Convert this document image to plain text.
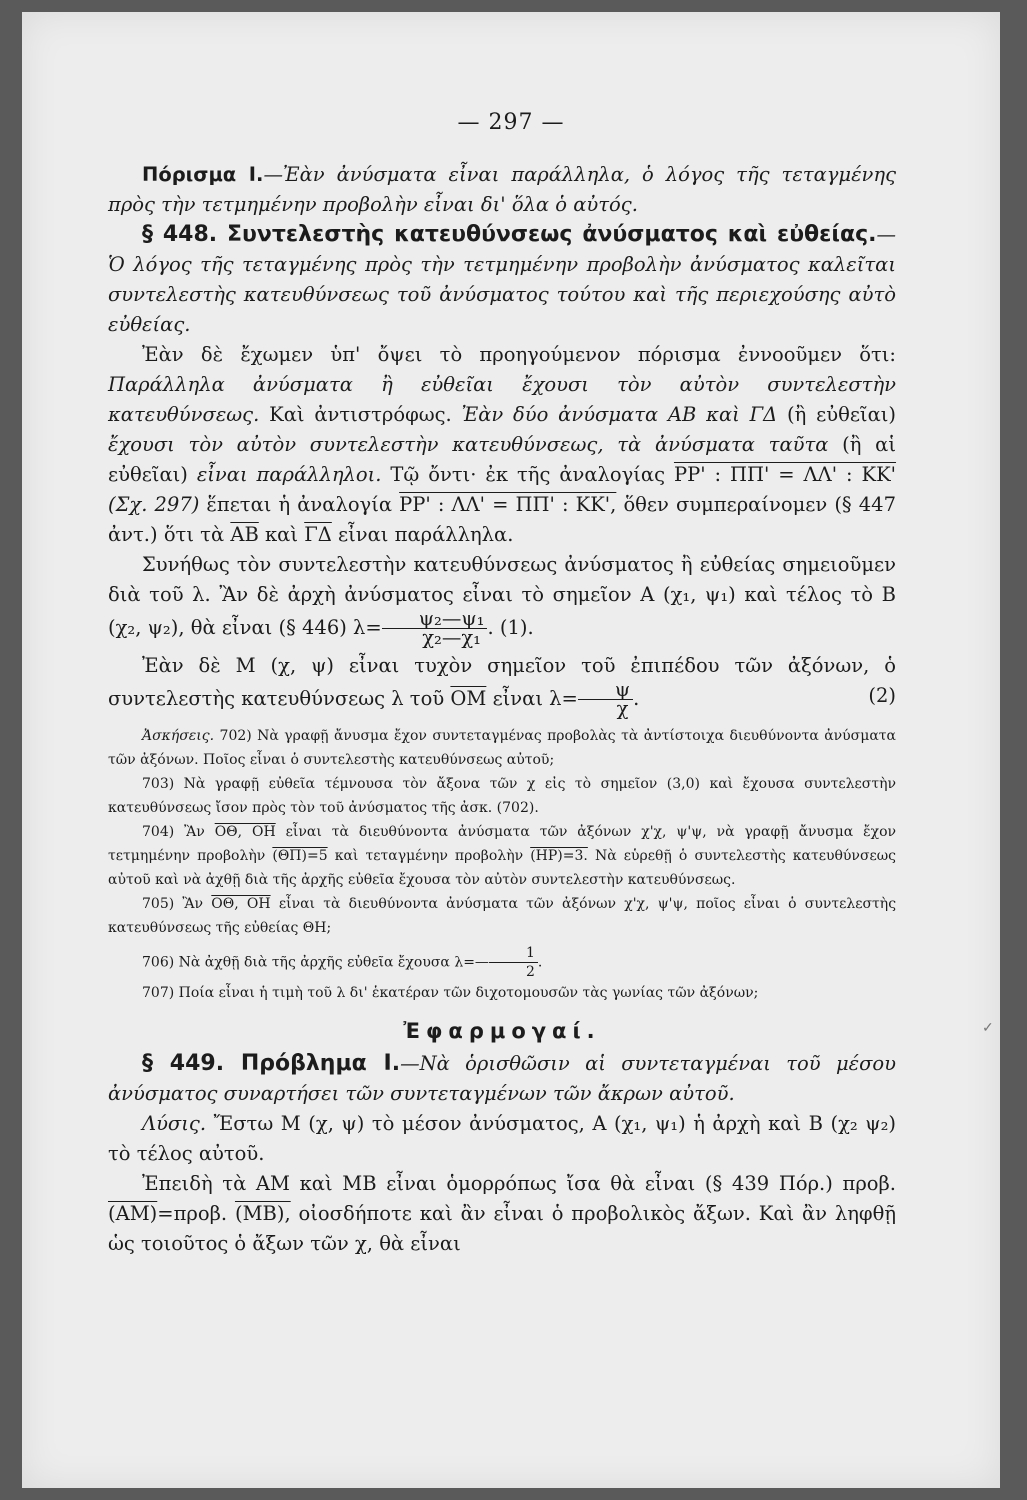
— 297 —

Πόρισμα Ι.—Ἐὰν ἀνύσματα εἶναι παράλληλα, ὁ λόγος τῆς τεταγμένης πρὸς τὴν τετμημένην προβολὴν εἶναι δι' ὅλα ὁ αὐτός.

§ 448. Συντελεστὴς κατευθύνσεως ἀνύσματος καὶ εὐθείας.—Ὁ λόγος τῆς τεταγμένης πρὸς τὴν τετμημένην προβολὴν ἀνύσματος καλεῖται συντελεστὴς κατευθύνσεως τοῦ ἀνύσματος τούτου καὶ τῆς περιεχούσης αὐτὸ εὐθείας.

Ἐὰν δὲ ἔχωμεν ὑπ' ὄψει τὸ προηγούμενον πόρισμα ἐννοοῦμεν ὅτι: Παράλληλα ἀνύσματα ἢ εὐθεῖαι ἔχουσι τὸν αὐτὸν συντελεστὴν κατευθύνσεως. Καὶ ἀντιστρόφως. Ἐὰν δύο ἀνύσματα ΑΒ καὶ ΓΔ (ἢ εὐθεῖαι) ἔχουσι τὸν αὐτὸν συντελεστὴν κατευθύνσεως, τὰ ἀνύσματα ταῦτα (ἢ αἱ εὐθεῖαι) εἶναι παράλληλοι. Τῷ ὄντι· ἐκ τῆς ἀναλογίας ΡΡ' : ΠΠ' = ΛΛ' : ΚΚ' (Σχ. 297) ἕπεται ἡ ἀναλογία ΡΡ' : ΛΛ' = ΠΠ' : ΚΚ', ὅθεν συμπεραίνομεν (§ 447 ἀντ.) ὅτι τὰ $\overline{AB}$ καὶ $\overline{\Gamma\Delta}$ εἶναι παράλληλα.

Συνήθως τὸν συντελεστὴν κατευθύνσεως ἀνύσματος ἢ εὐθείας σημειοῦμεν διὰ τοῦ λ. Ἂν δὲ ἀρχὴ ἀνύσματος εἶναι τὸ σημεῖον Α (χ₁, ψ₁) καὶ τέλος τὸ Β (χ₂, ψ₂), θὰ εἶναι (§ 446) $\lambda= \frac{\text{ψ₂—ψ₁}}{\text{χ₂—χ₁}}$ . (1).

Ἐὰν δὲ Μ (χ, ψ) εἶναι τυχὸν σημεῖον τοῦ ἐπιπέδου τῶν ἀξόνων, ὁ συντελεστὴς κατευθύνσεως λ τοῦ $\overline{OM}$ εἶναι $\lambda= \frac{\psi}{\chi}$ .	(2)

Ἀσκήσεις. 702) Νὰ γραφῇ ἄνυσμα ἔχον συντεταγμένας προβολὰς τὰ ἀντίστοιχα διευθύνοντα ἀνύσματα τῶν ἀξόνων. Ποῖος εἶναι ὁ συντελεστὴς κατευθύνσεως αὐτοῦ;

703) Νὰ γραφῇ εὐθεῖα τέμνουσα τὸν ἄξονα τῶν χ εἰς τὸ σημεῖον (3,0) καὶ ἔχουσα συντελεστὴν κατευθύνσεως ἴσον πρὸς τὸν τοῦ ἀνύσματος τῆς ἀσκ. (702).

704) Ἂν ΟΘ, ΟΗ εἶναι τὰ διευθύνοντα ἀνύσματα τῶν ἀξόνων χ'χ, ψ'ψ, νὰ γραφῇ ἄνυσμα ἔχον τετμημένην προβολὴν (ΘΠ)=5 καὶ τεταγμένην προβολὴν (ΗΡ)=3. Νὰ εὑρεθῇ ὁ συντελεστὴς κατευθύνσεως αὐτοῦ καὶ νὰ ἀχθῇ διὰ τῆς ἀρχῆς εὐθεῖα ἔχουσα τὸν αὐτὸν συντελεστὴν κατευθύνσεως.

705) Ἂν ΟΘ, ΟΗ εἶναι τὰ διευθύνοντα ἀνύσματα τῶν ἀξόνων χ'χ, ψ'ψ, ποῖος εἶναι ὁ συντελεστὴς κατευθύνσεως τῆς εὐθείας ΘΗ;

706) Νὰ ἀχθῇ διὰ τῆς ἀρχῆς εὐθεῖα ἔχουσα λ=— $\frac{1}{2}$ .

707) Ποία εἶναι ἡ τιμὴ τοῦ λ δι' ἑκατέραν τῶν διχοτομουσῶν τὰς γωνίας τῶν ἀξόνων;

Ἐφαρμογαί.

§ 449. Πρόβλημα Ι.—Νὰ ὁρισθῶσιν αἱ συντεταγμέναι τοῦ μέσου ἀνύσματος συναρτήσει τῶν συντεταγμένων τῶν ἄκρων αὐτοῦ.

Λύσις. Ἔστω Μ (χ, ψ) τὸ μέσον ἀνύσματος, Α (χ₁, ψ₁) ἡ ἀρχὴ καὶ Β (χ₂ ψ₂) τὸ τέλος αὐτοῦ.

Ἐπειδὴ τὰ ΑΜ καὶ ΜΒ εἶναι ὁμορρόπως ἴσα θὰ εἶναι (§ 439 Πόρ.) προβ. (ΑΜ)=προβ. (ΜΒ), οἰοσδήποτε καὶ ἂν εἶναι ὁ προβολικὸς ἄξων. Καὶ ἂν ληφθῇ ὡς τοιοῦτος ὁ ἄξων τῶν χ, θὰ εἶναι

✓
